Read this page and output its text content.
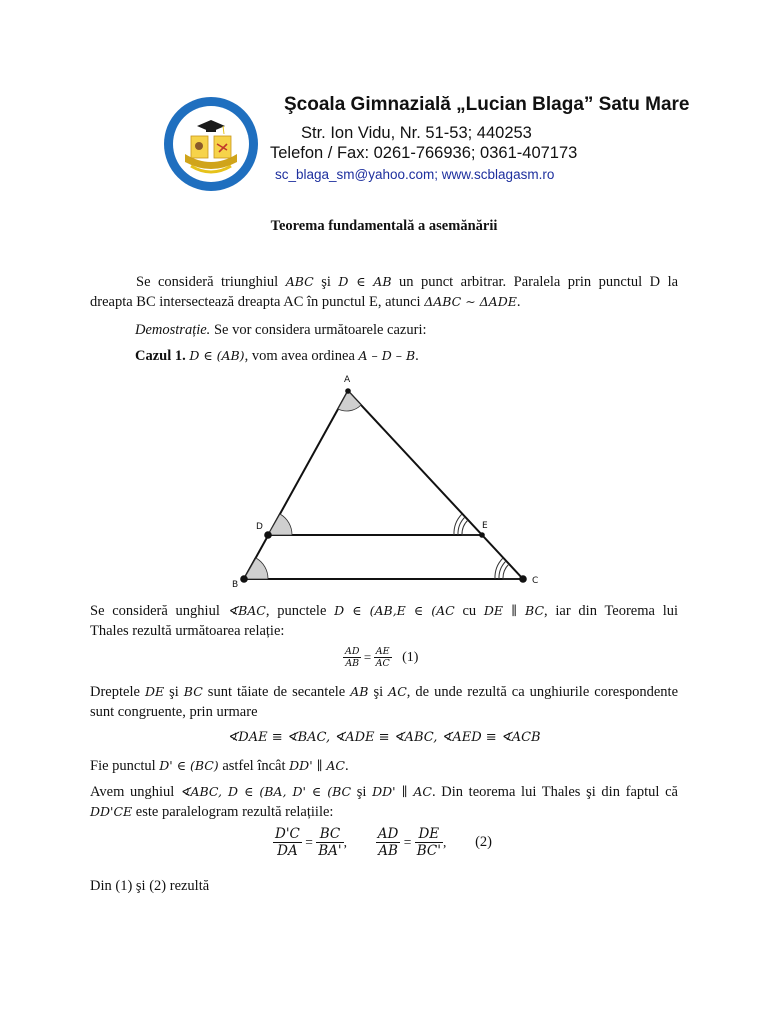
mpreună vom dobândi înțelepciun
Şcoala Gimnazială „Lucian Blaga” Satu Mare
Str. Ion Vidu, Nr. 51-53; 440253
Telefon / Fax: 0261-766936; 0361-407173
sc_blaga_sm@yahoo.com; www.scblagasm.ro
Teorema fundamentală a asemănării
Se consideră triunghiul ABC şi D ∈ AB un punct arbitrar. Paralela prin punctul D la
dreapta BC intersectează dreapta AC în punctul E, atunci ΔABC ∼ ΔADE.
Demostrație. Se vor considera următoarele cazuri:
Cazul 1. D ∈ (AB), vom avea ordinea A – D – B.
A
B	C
D	E
Se consideră unghiul ∢BAC, punctele D ∈ (AB,E ∈ (AC cu DE ∥ BC, iar din Teorema lui
Thales rezultă următoarea relație:
$\frac{AD}{AB} = \frac{AE}{AC} (1)$
Dreptele DE şi BC sunt tăiate de secantele AB şi AC, de unde rezultă ca unghiurile corespondente
sunt congruente, prin urmare
∢DAE ≡ ∢BAC, ∢ADE ≡ ∢ABC, ∢AED ≡ ∢ACB
Fie punctul D' ∈ (BC) astfel încât DD' ∥ AC.
Avem unghiul ∢ABC, D ∈ (BA, D' ∈ (BC şi DD' ∥ AC. Din teorema lui Thales şi din faptul că
DD'CE este paralelogram rezultă relațiile:
$\frac{D'C}{DA} = \frac{BC}{BA'}$ , $\frac{AD}{AB} = \frac{DE}{BC'}$ , (2)
Din (1) şi (2) rezultă
